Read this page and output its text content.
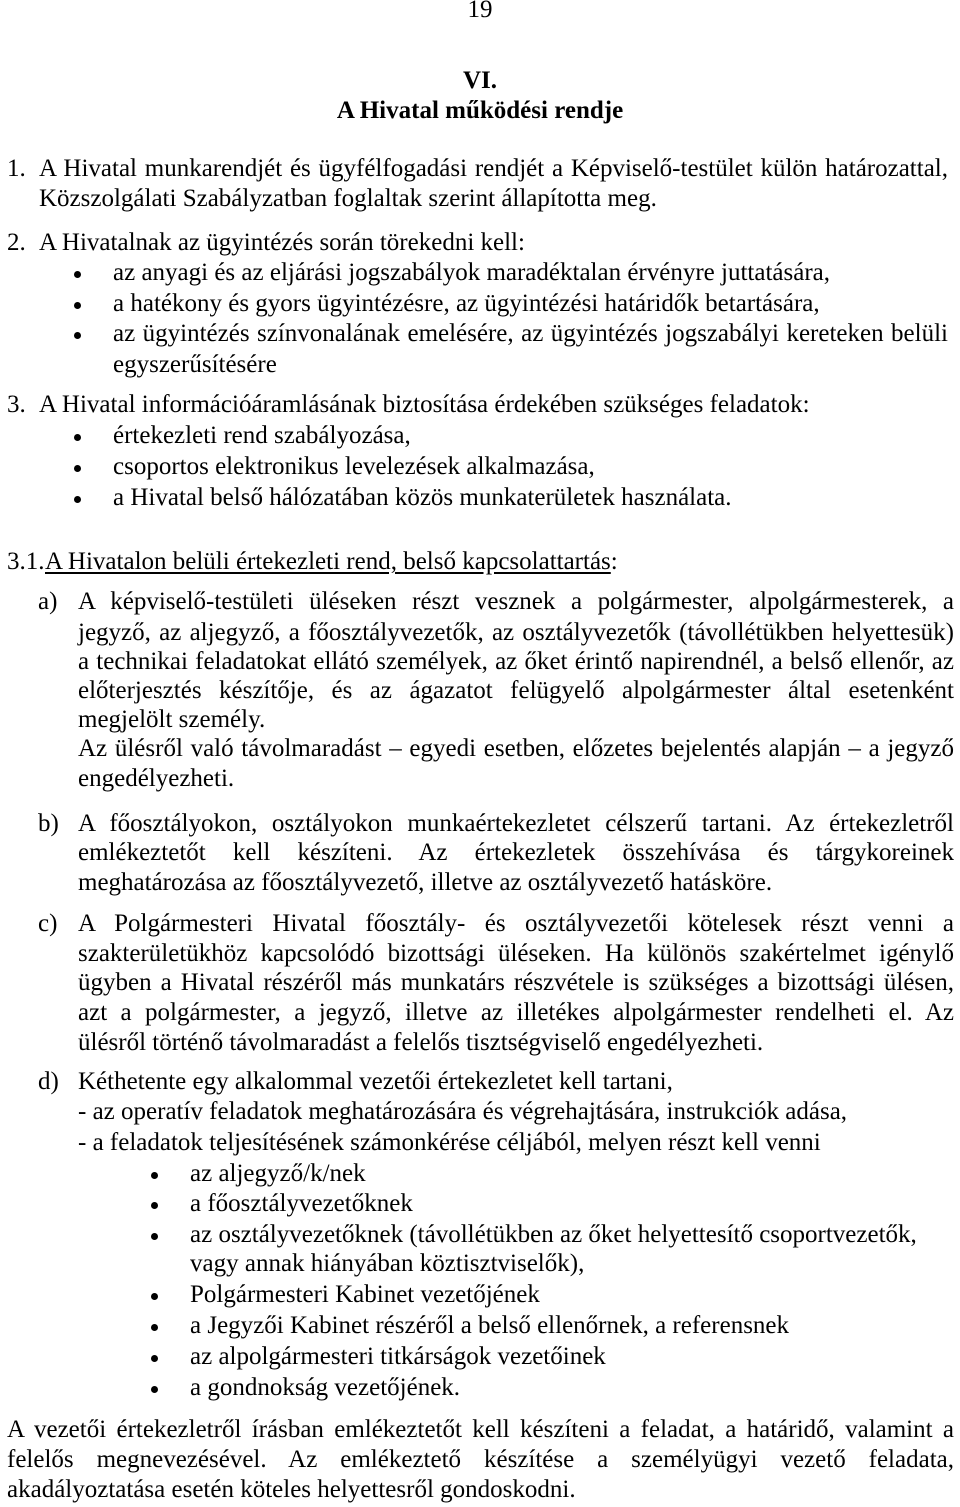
19
VI.
A Hivatal működési rendje
1. A Hivatal munkarendjét és ügyfélfogadási rendjét a Képviselő-testület külön határozattal,
Közszolgálati Szabályzatban foglaltak szerint állapította meg.
2. A Hivatalnak az ügyintézés során törekedni kell:
az anyagi és az eljárási jogszabályok maradéktalan érvényre juttatására,
a hatékony és gyors ügyintézésre, az ügyintézési határidők betartására,
az ügyintézés színvonalának emelésére, az ügyintézés jogszabályi kereteken belüli
egyszerűsítésére
3. A Hivatal információáramlásának biztosítása érdekében szükséges feladatok:
értekezleti rend szabályozása,
csoportos elektronikus levelezések alkalmazása,
a Hivatal belső hálózatában közös munkaterületek használata.
3.1. A Hivatalon belüli értekezleti rend, belső kapcsolattartás:
a) A képviselő-testületi üléseken részt vesznek a polgármester, alpolgármesterek, a
jegyző, az aljegyző, a főosztályvezetők, az osztályvezetők (távollétükben helyettesük)
a technikai feladatokat ellátó személyek, az őket érintő napirendnél, a belső ellenőr, az
előterjesztés készítője, és az ágazatot felügyelő alpolgármester által esetenként
megjelölt személy.
Az ülésről való távolmaradást – egyedi esetben, előzetes bejelentés alapján – a jegyző
engedélyezheti.
b) A főosztályokon, osztályokon munkaértekezletet célszerű tartani. Az értekezletről
emlékeztetőt kell készíteni. Az értekezletek összehívása és tárgykoreinek
meghatározása az főosztályvezető, illetve az osztályvezető hatásköre.
c) A Polgármesteri Hivatal főosztály- és osztályvezetői kötelesek részt venni a
szakterületükhöz kapcsolódó bizottsági üléseken. Ha különös szakértelmet igénylő
ügyben a Hivatal részéről más munkatárs részvétele is szükséges a bizottsági ülésen,
azt a polgármester, a jegyző, illetve az illetékes alpolgármester rendelheti el. Az
ülésről történő távolmaradást a felelős tisztségviselő engedélyezheti.
d) Kéthetente egy alkalommal vezetői értekezletet kell tartani,
- az operatív feladatok meghatározására és végrehajtására, instrukciók adása,
- a feladatok teljesítésének számonkérése céljából, melyen részt kell venni
az aljegyző/k/nek
a főosztályvezetőknek
az osztályvezetőknek (távollétükben az őket helyettesítő csoportvezetők,
vagy annak hiányában köztisztviselők),
Polgármesteri Kabinet vezetőjének
a Jegyzői Kabinet részéről a belső ellenőrnek, a referensnek
az alpolgármesteri titkárságok vezetőinek
a gondnokság vezetőjének.
A vezetői értekezletről írásban emlékeztetőt kell készíteni a feladat, a határidő, valamint a
felelős megnevezésével. Az emlékeztető készítése a személyügyi vezető feladata,
akadályoztatása esetén köteles helyettesről gondoskodni.
